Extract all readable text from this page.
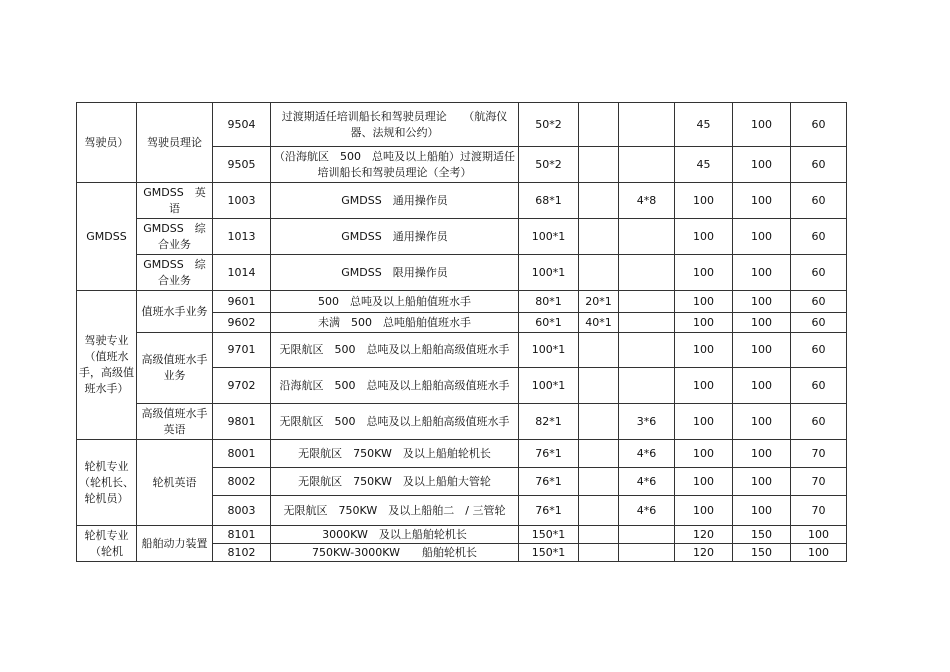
驾驶员）	驾驶员理论	9504	过渡期适任培训船长和驾驶员理论　　（航海仪器、法规和公约）	50*2			45	100	60
		9505	（沿海航区　500　总吨及以上船舶）过渡期适任培训船长和驾驶员理论（全考）	50*2			45	100	60
GMDSS	GMDSS　英语	1003	GMDSS　通用操作员	68*1		4*8	100	100	60
	GMDSS　综合业务	1013	GMDSS　通用操作员	100*1			100	100	60
	GMDSS　综合业务	1014	GMDSS　限用操作员	100*1			100	100	60
驾驶专业（值班水手，高级值班水手）	值班水手业务	9601	500　总吨及以上船舶值班水手	80*1	20*1		100	100	60
		9602	未满　500　总吨船舶值班水手	60*1	40*1		100	100	60
	高级值班水手业务	9701	无限航区　500　总吨及以上船舶高级值班水手	100*1			100	100	60
		9702	沿海航区　500　总吨及以上船舶高级值班水手	100*1			100	100	60
	高级值班水手英语	9801	无限航区　500　总吨及以上船舶高级值班水手	82*1		3*6	100	100	60
轮机专业（轮机长、轮机员）	轮机英语	8001	无限航区　750KW　及以上船舶轮机长	76*1		4*6	100	100	70
		8002	无限航区　750KW　及以上船舶大管轮	76*1		4*6	100	100	70
		8003	无限航区　750KW　及以上船舶二　/ 三管轮	76*1		4*6	100	100	70
轮机专业（轮机	船舶动力装置	8101	3000KW　及以上船舶轮机长	150*1			120	150	100
		8102	750KW-3000KW　　船舶轮机长	150*1			120	150	100
